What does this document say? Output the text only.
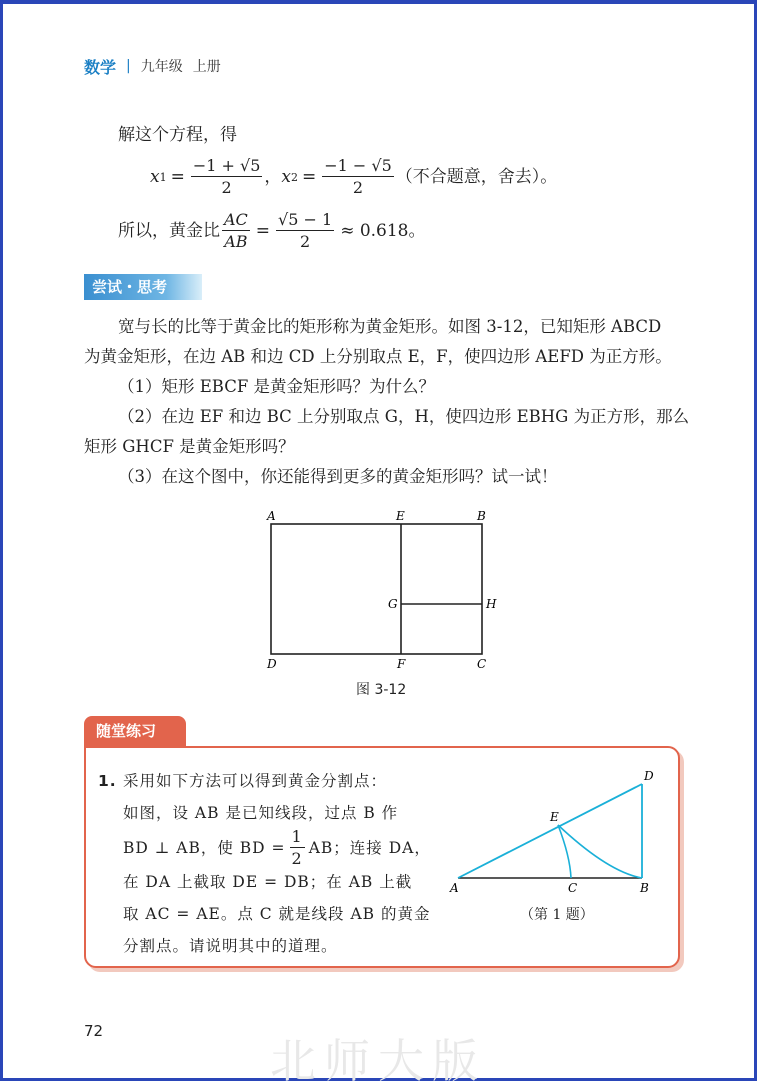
数学 | 九年级 上册
解这个方程，得
x $1 = \frac{-1 + √5}{2}$ ， x $2 = \frac{-1 - √5}{2}$ （不合题意，舍去）。
所以，黄金比 $\frac{AC}{AB} = \frac{√5 - 1}{2} \approx 0.618$。
尝试・思考
宽与长的比等于黄金比的矩形称为黄金矩形。如图 3-12，已知矩形 ABCD
为黄金矩形，在边 AB 和边 CD 上分别取点 E，F，使四边形 AEFD 为正方形。
（1）矩形 EBCF 是黄金矩形吗？为什么？
（2）在边 EF 和边 BC 上分别取点 G，H，使四边形 EBHG 为正方形，那么
矩形 GHCF 是黄金矩形吗？
（3）在这个图中，你还能得到更多的黄金矩形吗？试一试！
A	E	B
G	H
D	F	C
图 3-12
随堂练习
1. 采用如下方法可以得到黄金分割点：
如图，设 AB 是已知线段，过点 B 作
BD ⊥ AB，使 BD = $\frac{1}{2}$ AB；连接 DA，
在 DA 上截取 DE = DB；在 AB 上截
取 AC = AE。点 C 就是线段 AB 的黄金
分割点。请说明其中的道理。
D
E
A	C	B
（第 1 题）
72
北师大版
